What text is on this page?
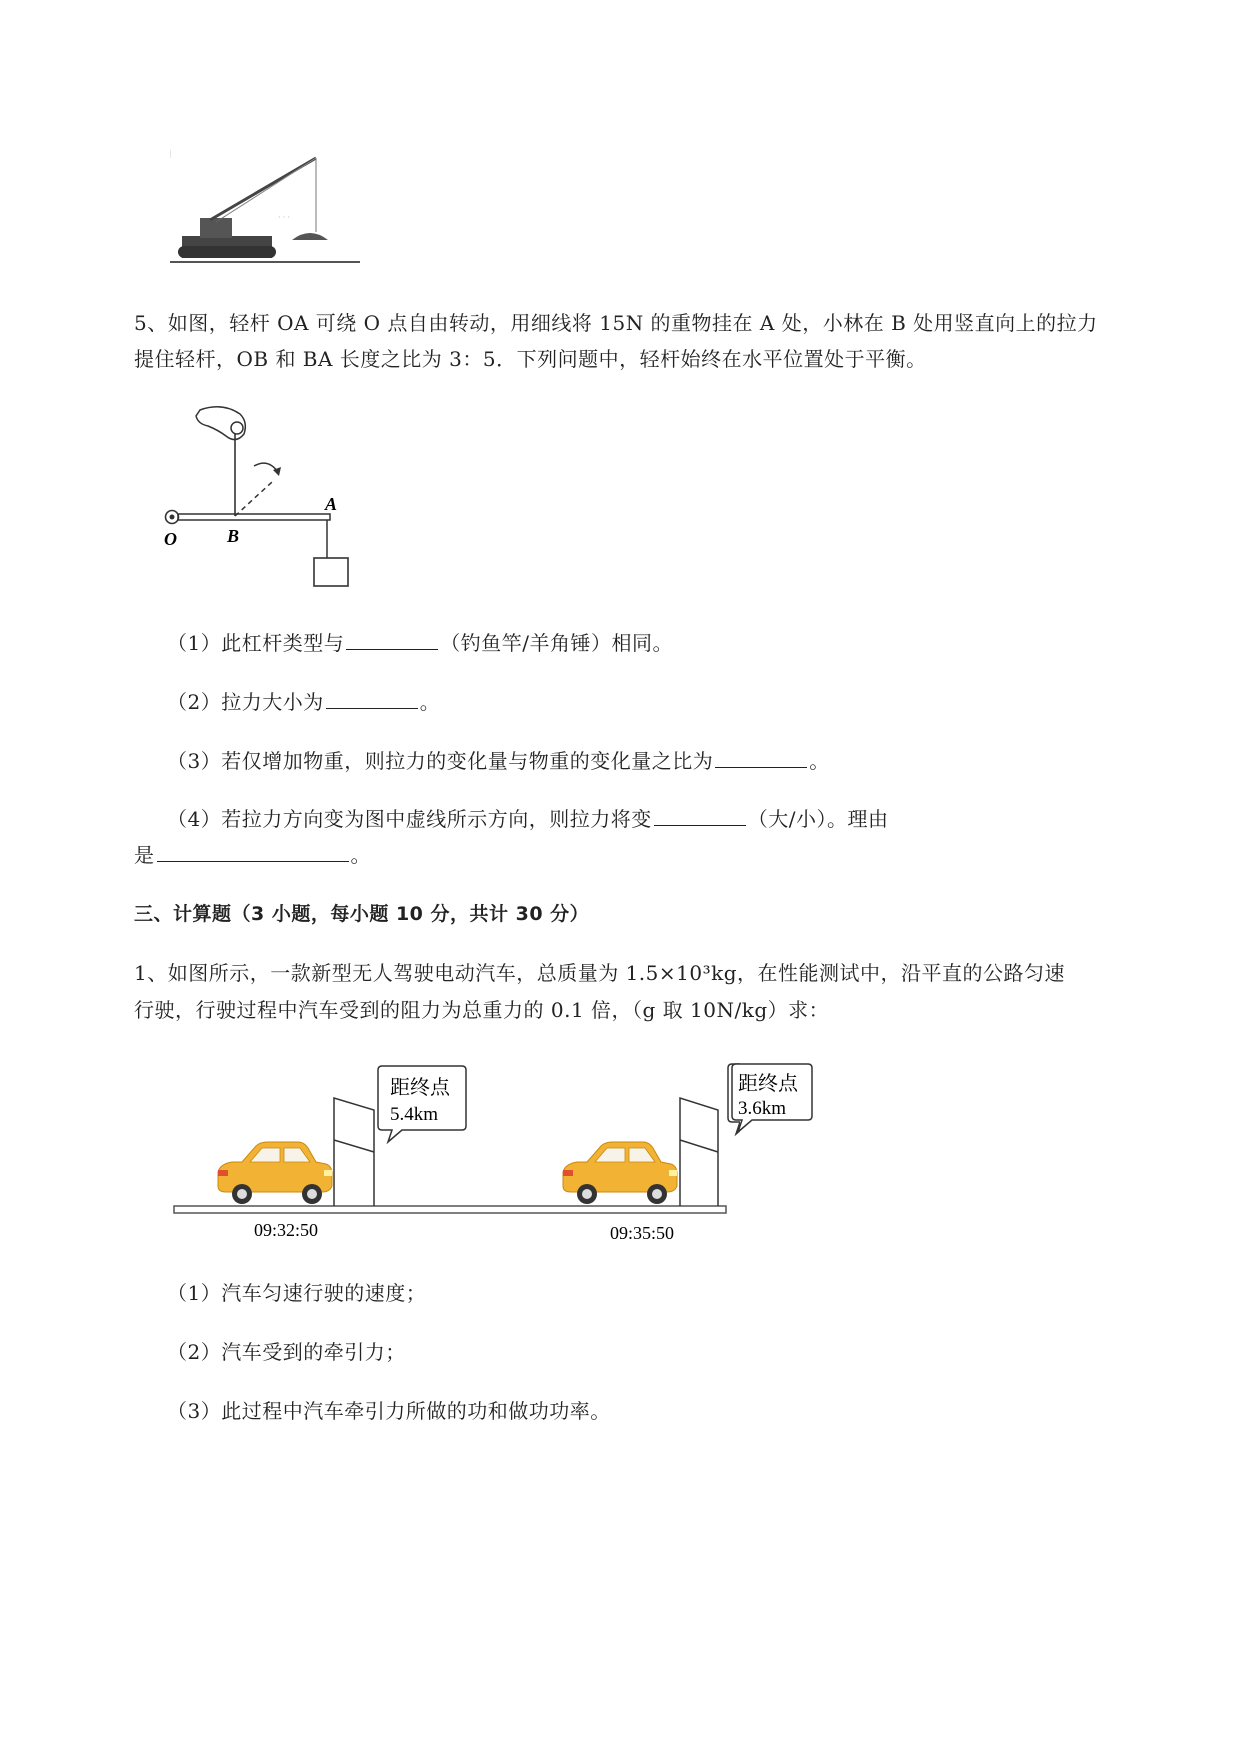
· · ·
5、如图，轻杆 OA 可绕 O 点自由转动，用细线将 15N 的重物挂在 A 处，小林在 B 处用竖直向上的拉力
提住轻杆，OB 和 BA 长度之比为 3：5．下列问题中，轻杆始终在水平位置处于平衡。
O	B
A
（1）此杠杆类型与	（钓鱼竿/羊角锤）相同。
（2）拉力大小为	。
（3）若仅增加物重，则拉力的变化量与物重的变化量之比为	。
（4）若拉力方向变为图中虚线所示方向，则拉力将变	（大/小）。理由
是	。
三、计算题（3 小题，每小题 10 分，共计 30 分）
1、如图所示，一款新型无人驾驶电动汽车，总质量为 1.5×10³kg，在性能测试中，沿平直的公路匀速
行驶，行驶过程中汽车受到的阻力为总重力的 0.1 倍，（g 取 10N/kg）求：
距终点
5.4km
09:32:50	09:35:50
距终点
3.6km
（1）汽车匀速行驶的速度；
（2）汽车受到的牵引力；
（3）此过程中汽车牵引力所做的功和做功功率。
